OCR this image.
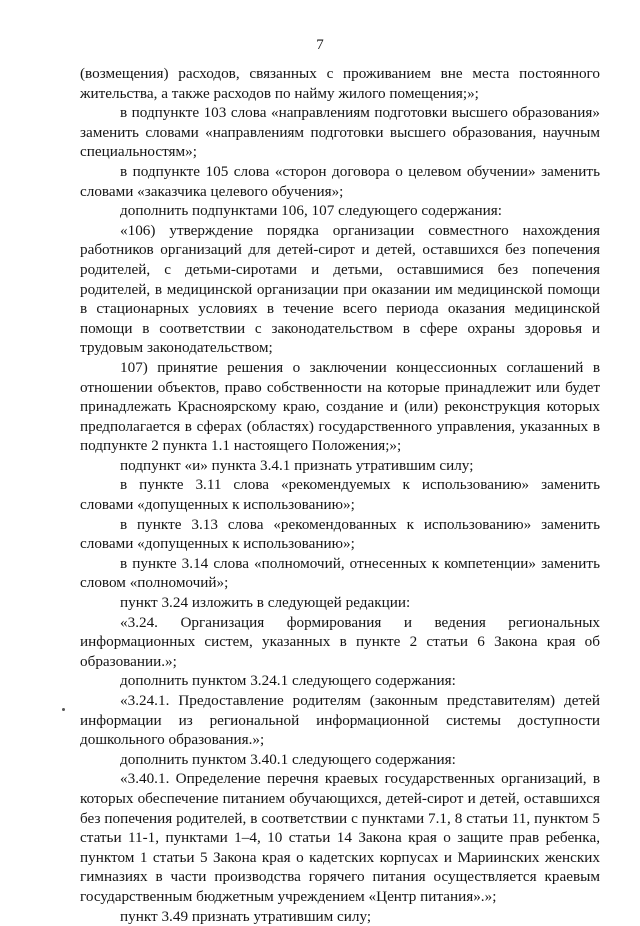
7

(возмещения) расходов, связанных с проживанием вне места постоянного жительства, а также расходов по найму жилого помещения;»;

в подпункте 103 слова «направлениям подготовки высшего образования» заменить словами «направлениям подготовки высшего образования, научным специальностям»;

в подпункте 105 слова «сторон договора о целевом обучении» заменить словами «заказчика целевого обучения»;

дополнить подпунктами 106, 107 следующего содержания:

«106) утверждение порядка организации совместного нахождения работников организаций для детей-сирот и детей, оставшихся без попечения родителей, с детьми-сиротами и детьми, оставшимися без попечения родителей, в медицинской организации при оказании им медицинской помощи в стационарных условиях в течение всего периода оказания медицинской помощи в соответствии с законодательством в сфере охраны здоровья и трудовым законодательством;

107) принятие решения о заключении концессионных соглашений в отношении объектов, право собственности на которые принадлежит или будет принадлежать Красноярскому краю, создание и (или) реконструкция которых предполагается в сферах (областях) государственного управления, указанных в подпункте 2 пункта 1.1 настоящего Положения;»;

подпункт «и» пункта 3.4.1 признать утратившим силу;

в пункте 3.11 слова «рекомендуемых к использованию» заменить словами «допущенных к использованию»;

в пункте 3.13 слова «рекомендованных к использованию» заменить словами «допущенных к использованию»;

в пункте 3.14 слова «полномочий, отнесенных к компетенции» заменить словом «полномочий»;

пункт 3.24 изложить в следующей редакции:

«3.24. Организация формирования и ведения региональных информационных систем, указанных в пункте 2 статьи 6 Закона края об образовании.»;

дополнить пунктом 3.24.1 следующего содержания:

«3.24.1. Предоставление родителям (законным представителям) детей информации из региональной информационной системы доступности дошкольного образования.»;

дополнить пунктом 3.40.1 следующего содержания:

«3.40.1. Определение перечня краевых государственных организаций, в которых обеспечение питанием обучающихся, детей-сирот и детей, оставшихся без попечения родителей, в соответствии с пунктами 7.1, 8 статьи 11, пунктом 5 статьи 11-1, пунктами 1–4, 10 статьи 14 Закона края о защите прав ребенка, пунктом 1 статьи 5 Закона края о кадетских корпусах и Мариинских женских гимназиях в части производства горячего питания осуществляется краевым государственным бюджетным учреждением «Центр питания».»;

пункт 3.49 признать утратившим силу;
